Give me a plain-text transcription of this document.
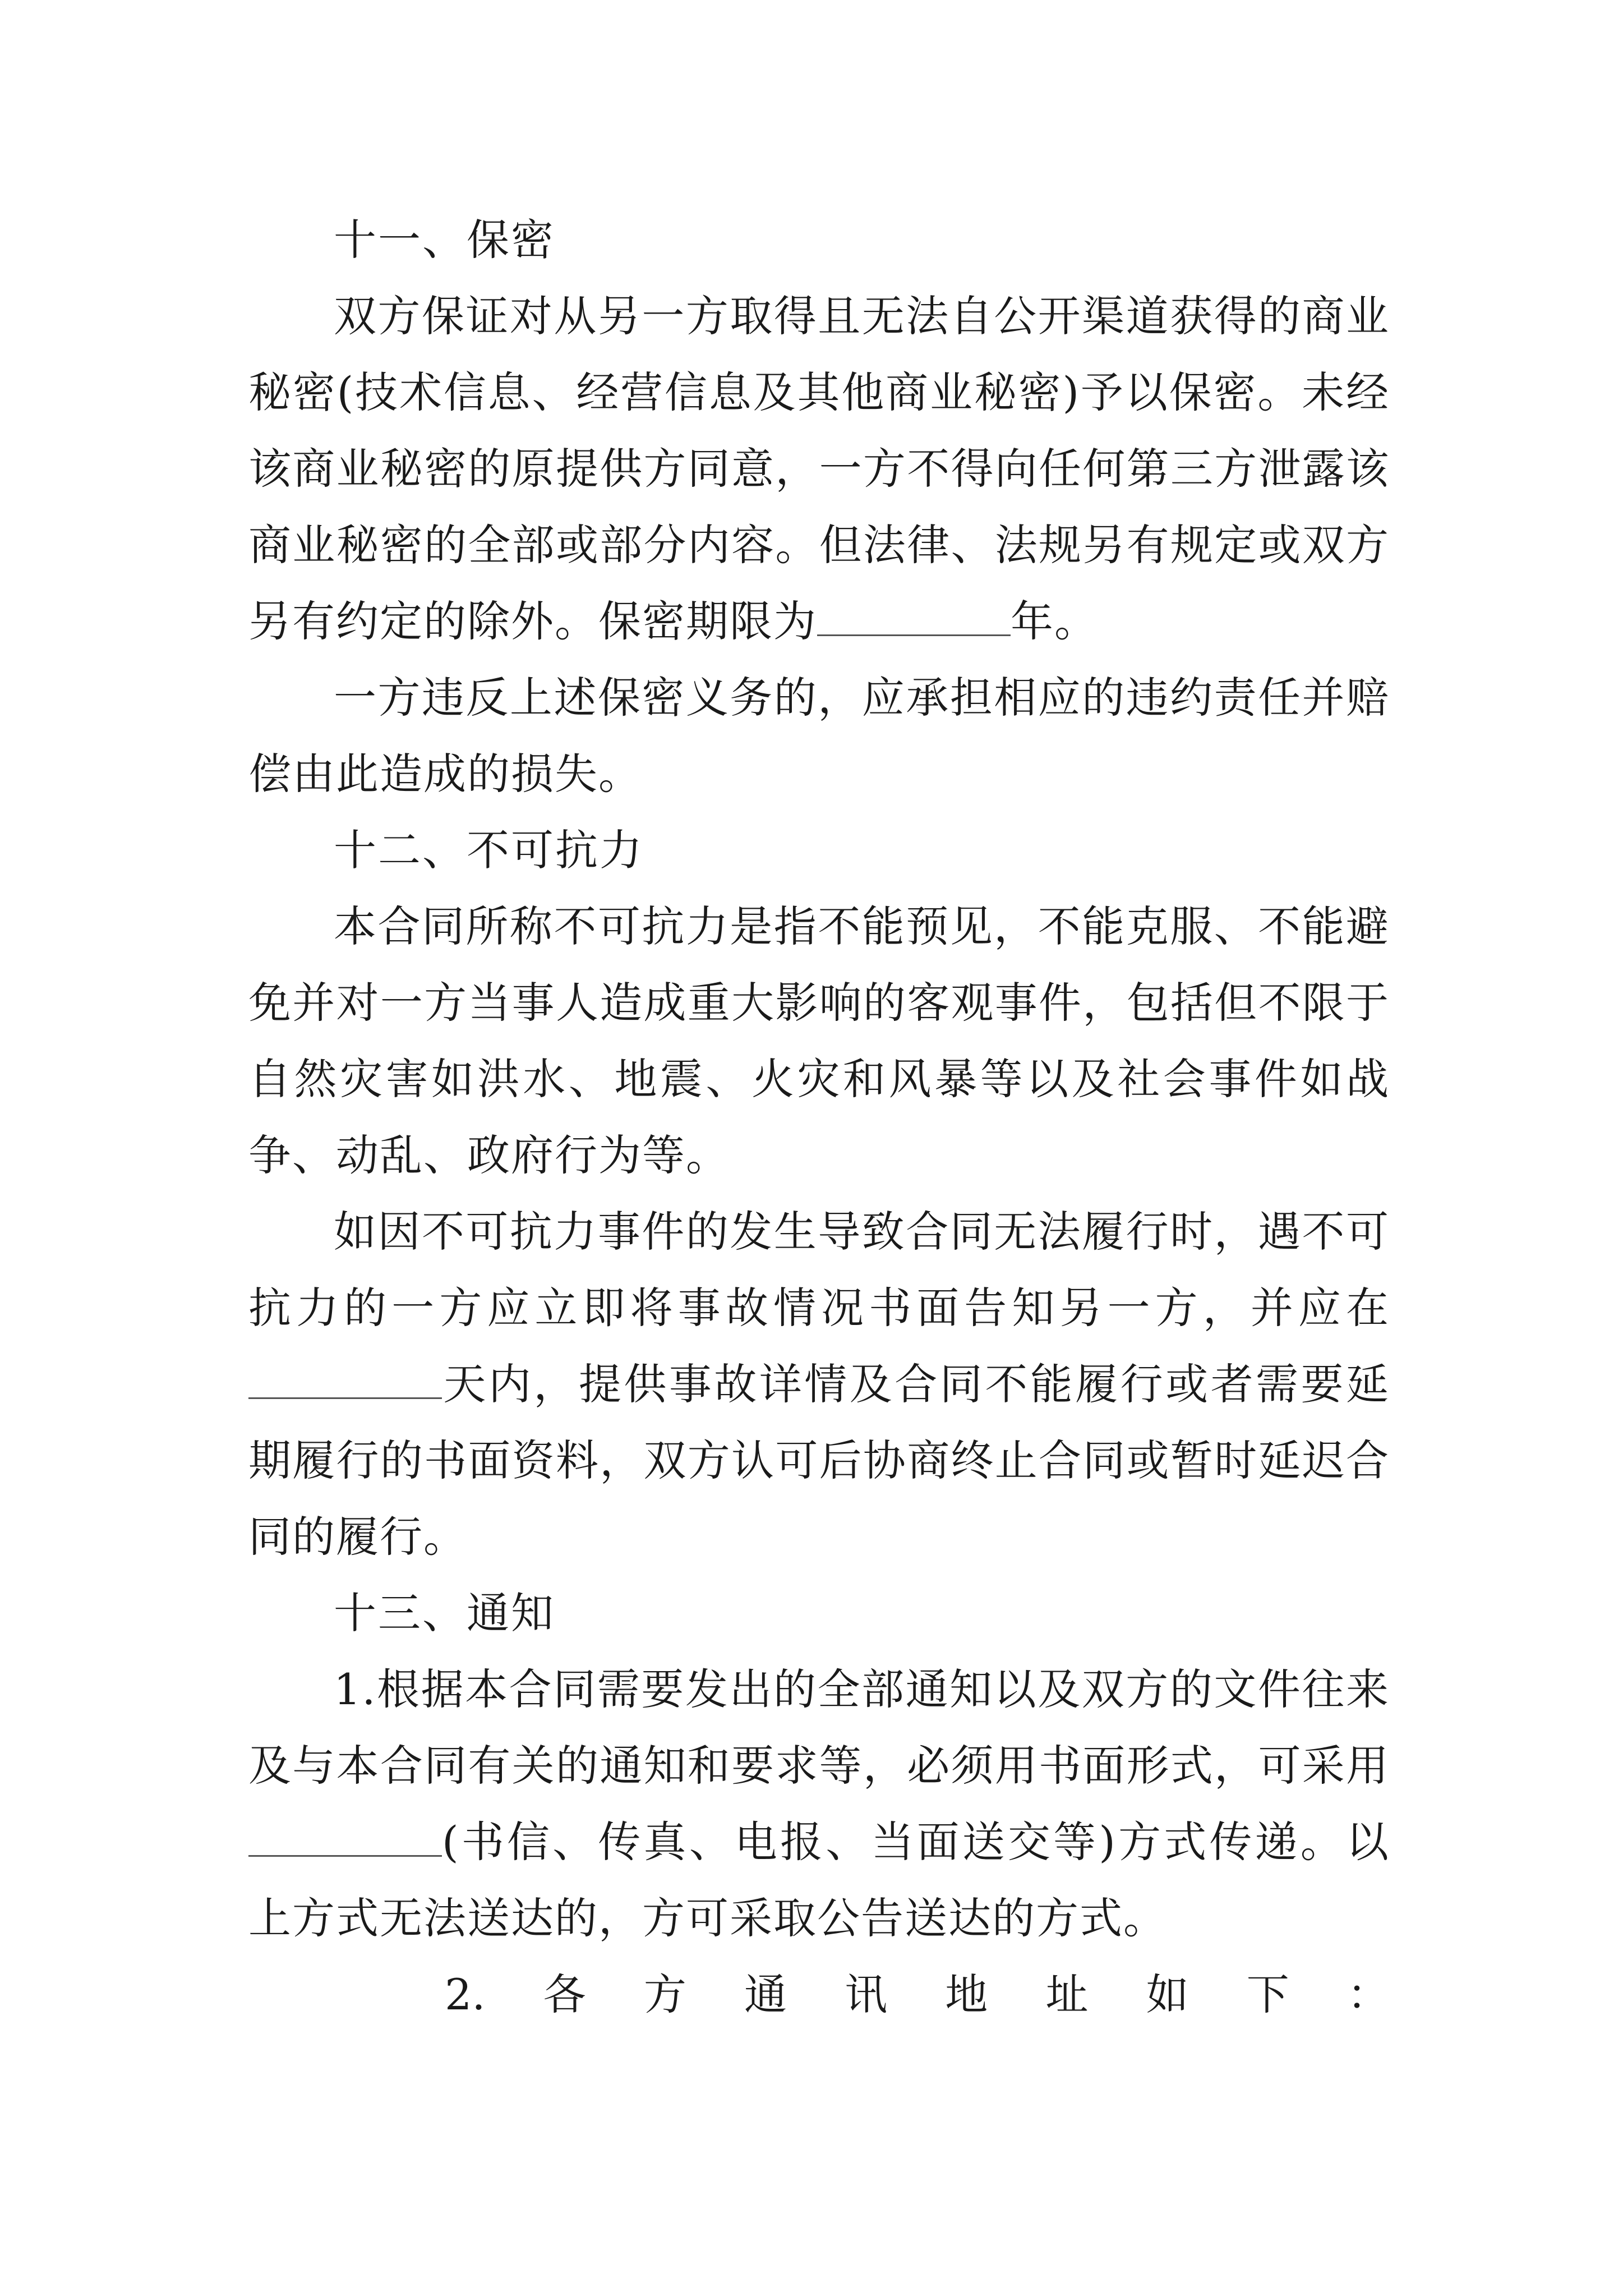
十一、保密

双方保证对从另一方取得且无法自公开渠道获得的商业秘密(技术信息、经营信息及其他商业秘密)予以保密。未经该商业秘密的原提供方同意，一方不得向任何第三方泄露该商业秘密的全部或部分内容。但法律、法规另有规定或双方另有约定的除外。保密期限为	年。

一方违反上述保密义务的，应承担相应的违约责任并赔偿由此造成的损失。

十二、不可抗力

本合同所称不可抗力是指不能预见，不能克服、不能避免并对一方当事人造成重大影响的客观事件，包括但不限于自然灾害如洪水、地震、火灾和风暴等以及社会事件如战争、动乱、政府行为等。

如因不可抗力事件的发生导致合同无法履行时，遇不可抗力的一方应立即将事故情况书面告知另一方，并应在天内，提供事故详情及合同不能履行或者需要延期履行的书面资料，双方认可后协商终止合同或暂时延迟合同的履行。

十三、通知

1.根据本合同需要发出的全部通知以及双方的文件往来及与本合同有关的通知和要求等，必须用书面形式，可采用(书信、传真、电报、当面送交等)方式传递。以上方式无法送达的，方可采取公告送达的方式。

2. 各 方 通 讯 地 址 如 下 ：
